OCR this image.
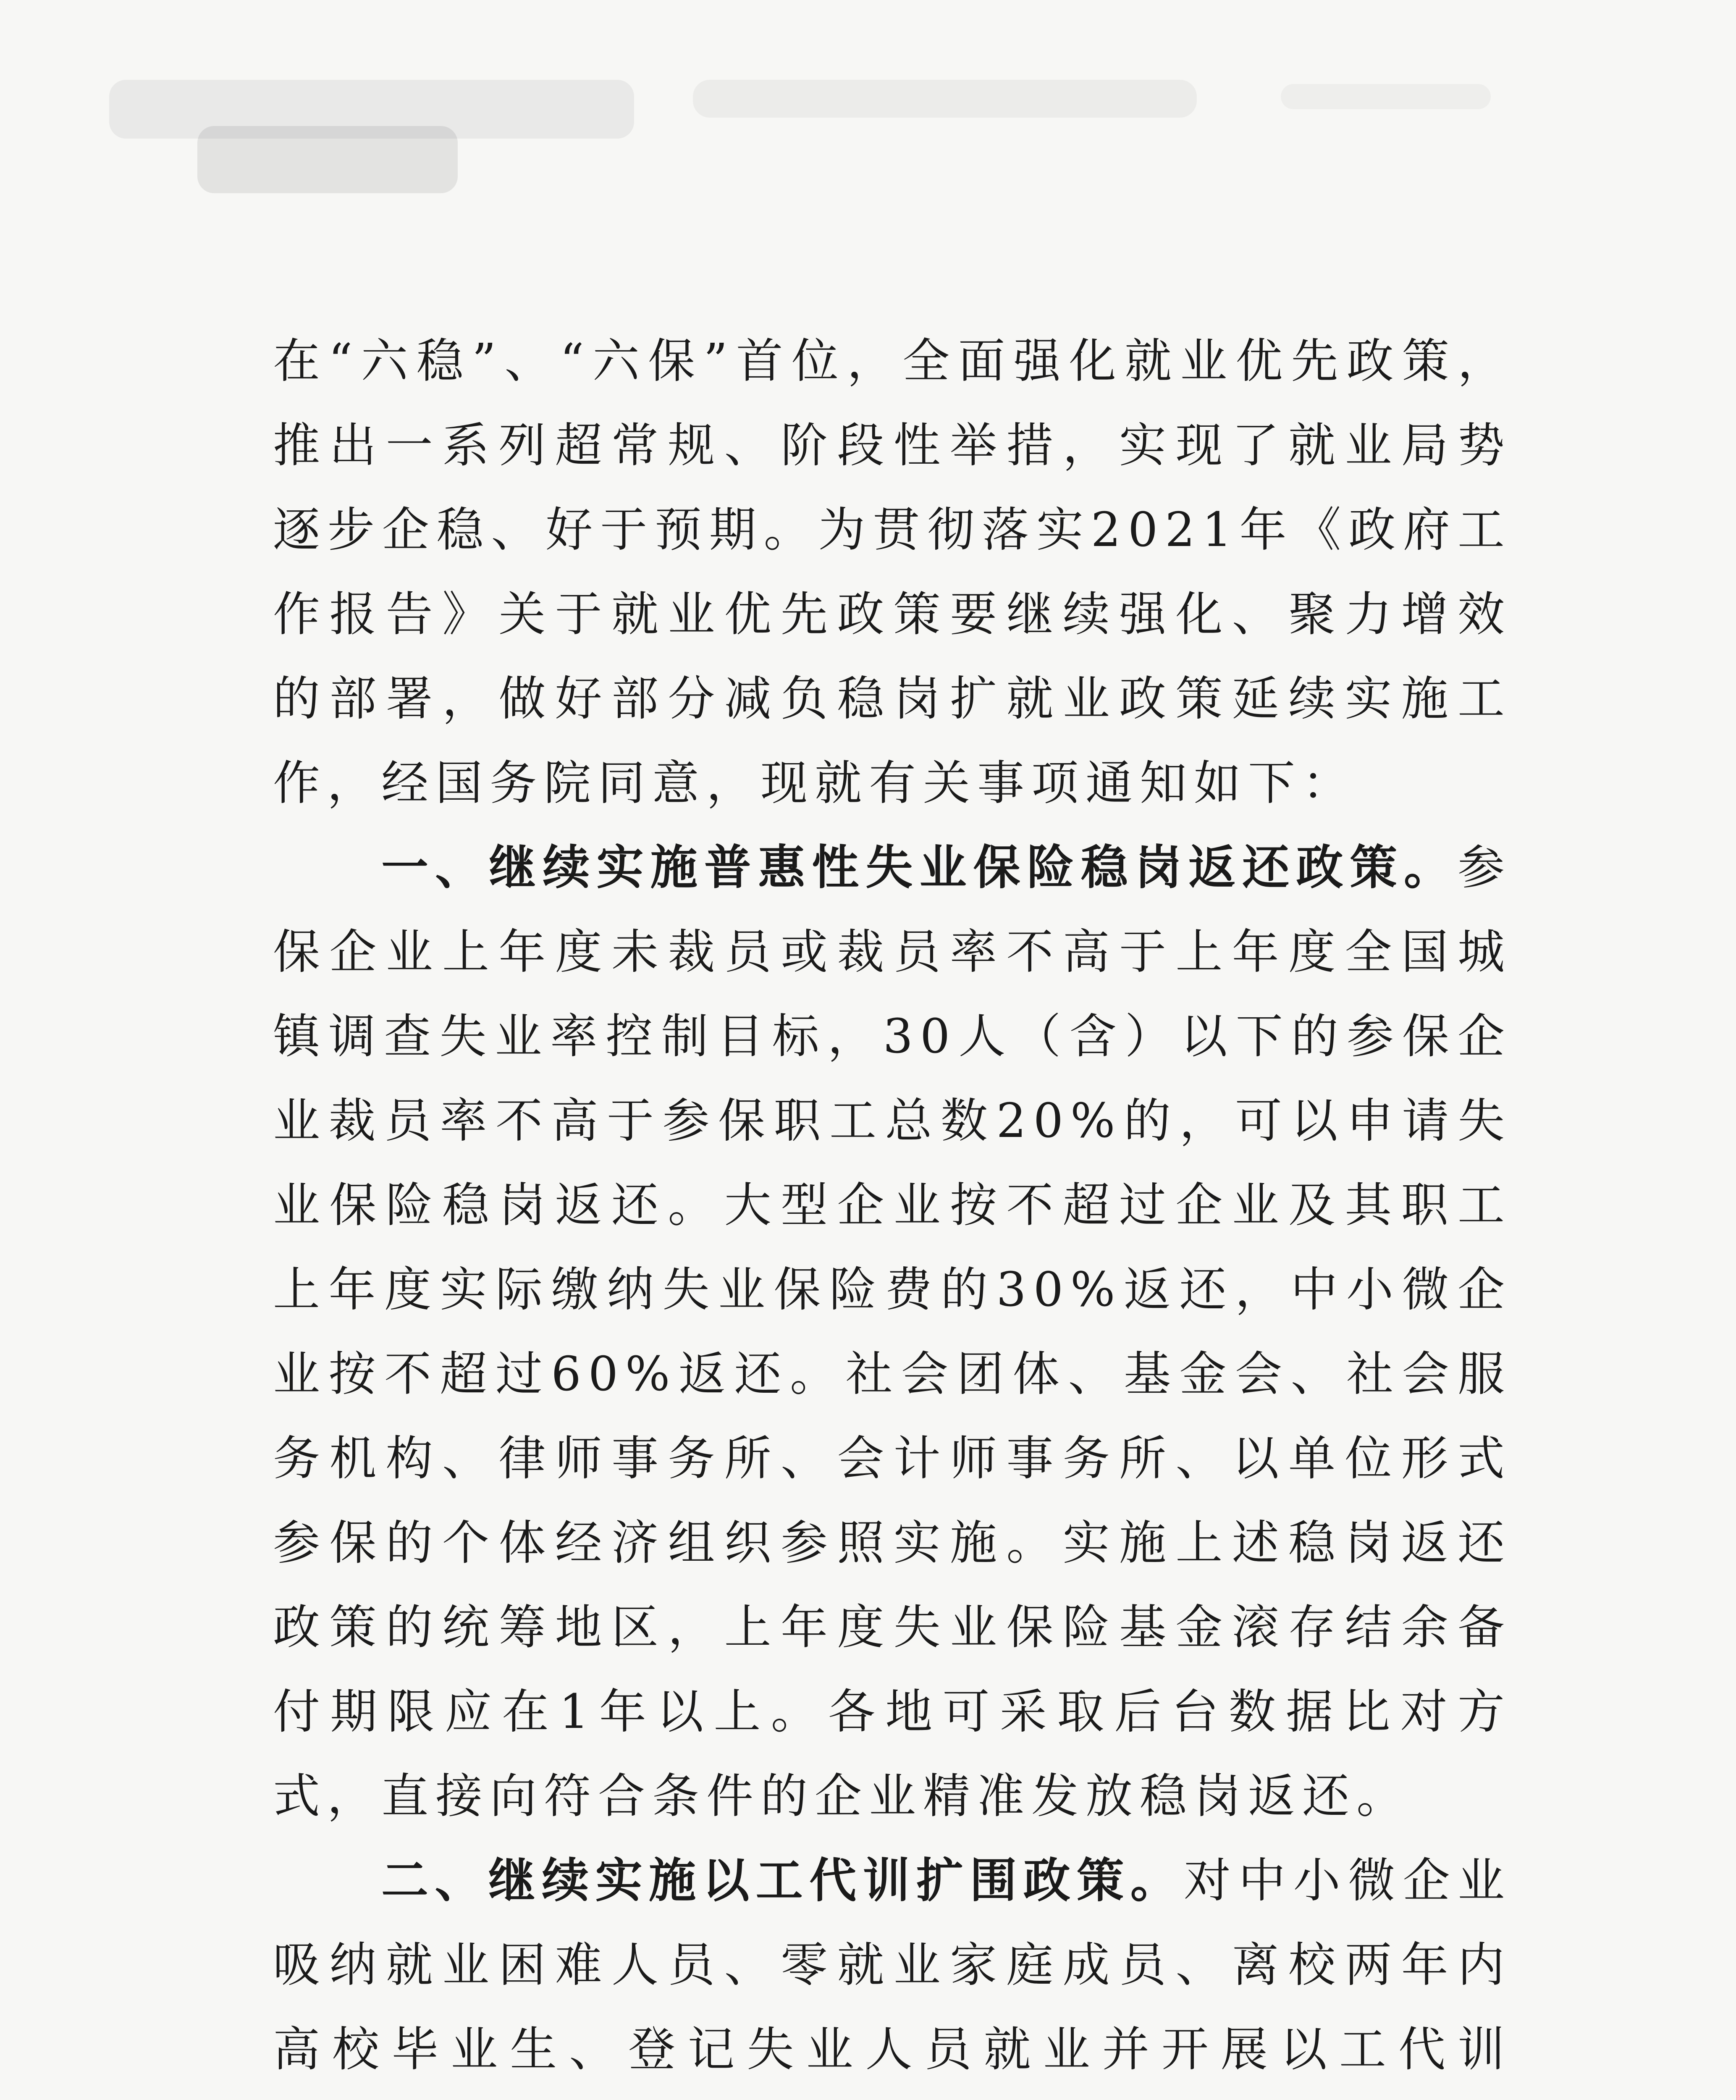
在“六稳”、“六保”首位，全面强化就业优先政策，推出一系列超常规、阶段性举措，实现了就业局势逐步企稳、好于预期。为贯彻落实2021年《政府工作报告》关于就业优先政策要继续强化、聚力增效的部署，做好部分减负稳岗扩就业政策延续实施工作，经国务院同意，现就有关事项通知如下：

一、继续实施普惠性失业保险稳岗返还政策。参保企业上年度未裁员或裁员率不高于上年度全国城镇调查失业率控制目标，30人（含）以下的参保企业裁员率不高于参保职工总数20%的，可以申请失业保险稳岗返还。大型企业按不超过企业及其职工上年度实际缴纳失业保险费的30%返还，中小微企业按不超过60%返还。社会团体、基金会、社会服务机构、律师事务所、会计师事务所、以单位形式参保的个体经济组织参照实施。实施上述稳岗返还政策的统筹地区，上年度失业保险基金滚存结余备付期限应在1年以上。各地可采取后台数据比对方式，直接向符合条件的企业精准发放稳岗返还。

二、继续实施以工代训扩围政策。对中小微企业吸纳就业困难人员、零就业家庭成员、离校两年内高校毕业生、登记失业人员就业并开展以工代训
